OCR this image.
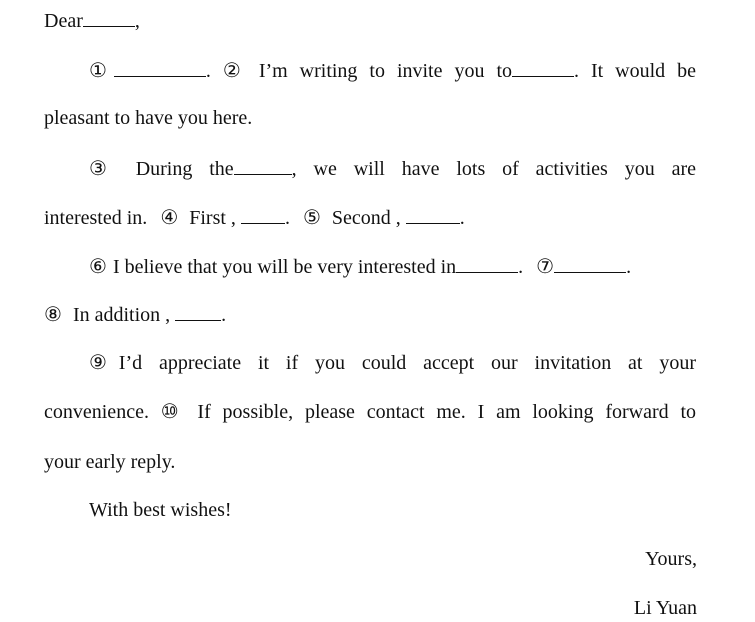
Dear	,
①	. ② I’m writing to invite you to	. It would be
pleasant to have you here.
③ During the	, we will have lots of activities you are
interested in. ④ First , . ⑤ Second ,	.
⑥ I believe that you will be very interested in	. ⑦	.
⑧ In addition ,	.
⑨I’d appreciate it if you could accept our invitation at your
convenience. ⑩ If possible, please contact me. I am looking forward to
your early reply.
With best wishes!
Yours,
Li Yuan
